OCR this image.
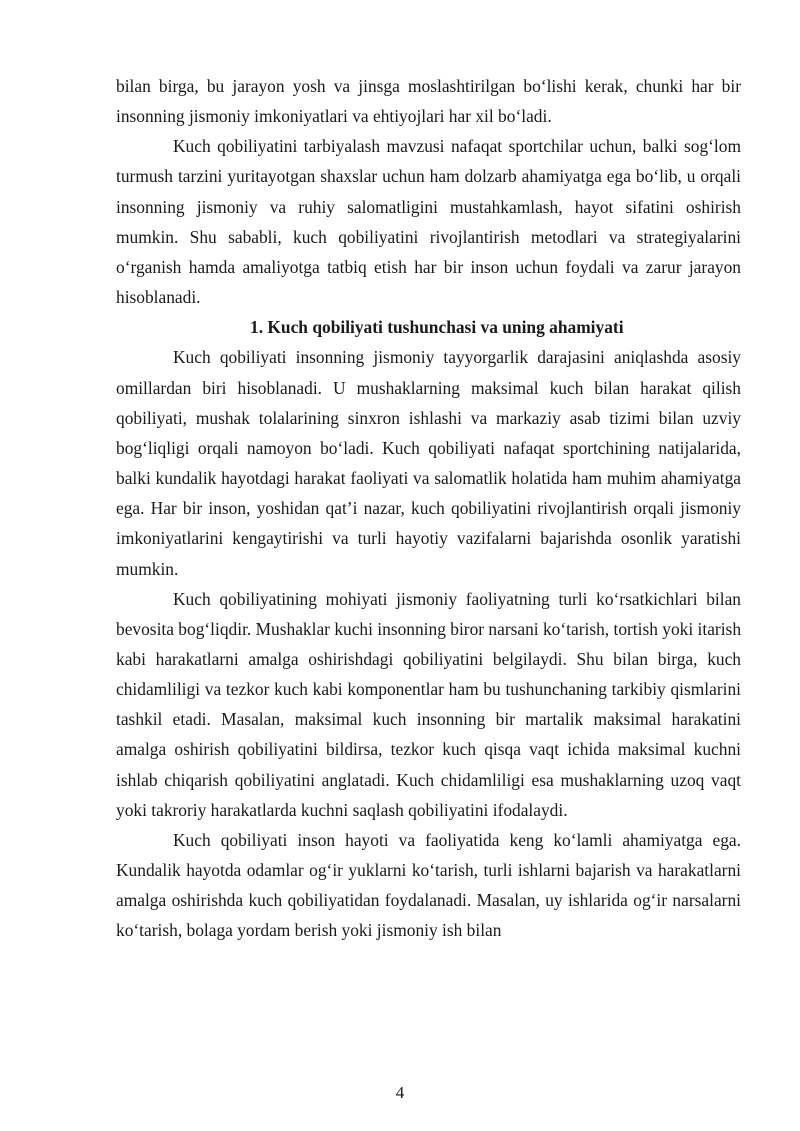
bilan birga, bu jarayon yosh va jinsga moslashtirilgan bo‘lishi kerak, chunki har bir insonning jismoniy imkoniyatlari va ehtiyojlari har xil bo‘ladi.

Kuch qobiliyatini tarbiyalash mavzusi nafaqat sportchilar uchun, balki sog‘lom turmush tarzini yuritayotgan shaxslar uchun ham dolzarb ahamiyatga ega bo‘lib, u orqali insonning jismoniy va ruhiy salomatligini mustahkamlash, hayot sifatini oshirish mumkin. Shu sababli, kuch qobiliyatini rivojlantirish metodlari va strategiyalarini o‘rganish hamda amaliyotga tatbiq etish har bir inson uchun foydali va zarur jarayon hisoblanadi.

1. Kuch qobiliyati tushunchasi va uning ahamiyati

Kuch qobiliyati insonning jismoniy tayyorgarlik darajasini aniqlashda asosiy omillardan biri hisoblanadi. U mushaklarning maksimal kuch bilan harakat qilish qobiliyati, mushak tolalarining sinxron ishlashi va markaziy asab tizimi bilan uzviy bog‘liqligi orqali namoyon bo‘ladi. Kuch qobiliyati nafaqat sportchining natijalarida, balki kundalik hayotdagi harakat faoliyati va salomatlik holatida ham muhim ahamiyatga ega. Har bir inson, yoshidan qat’i nazar, kuch qobiliyatini rivojlantirish orqali jismoniy imkoniyatlarini kengaytirishi va turli hayotiy vazifalarni bajarishda osonlik yaratishi mumkin.

Kuch qobiliyatining mohiyati jismoniy faoliyatning turli ko‘rsatkichlari bilan bevosita bog‘liqdir. Mushaklar kuchi insonning biror narsani ko‘tarish, tortish yoki itarish kabi harakatlarni amalga oshirishdagi qobiliyatini belgilaydi. Shu bilan birga, kuch chidamliligi va tezkor kuch kabi komponentlar ham bu tushunchaning tarkibiy qismlarini tashkil etadi. Masalan, maksimal kuch insonning bir martalik maksimal harakatini amalga oshirish qobiliyatini bildirsa, tezkor kuch qisqa vaqt ichida maksimal kuchni ishlab chiqarish qobiliyatini anglatadi. Kuch chidamliligi esa mushaklarning uzoq vaqt yoki takroriy harakatlarda kuchni saqlash qobiliyatini ifodalaydi.

Kuch qobiliyati inson hayoti va faoliyatida keng ko‘lamli ahamiyatga ega. Kundalik hayotda odamlar og‘ir yuklarni ko‘tarish, turli ishlarni bajarish va harakatlarni amalga oshirishda kuch qobiliyatidan foydalanadi. Masalan, uy ishlarida og‘ir narsalarni ko‘tarish, bolaga yordam berish yoki jismoniy ish bilan

4
